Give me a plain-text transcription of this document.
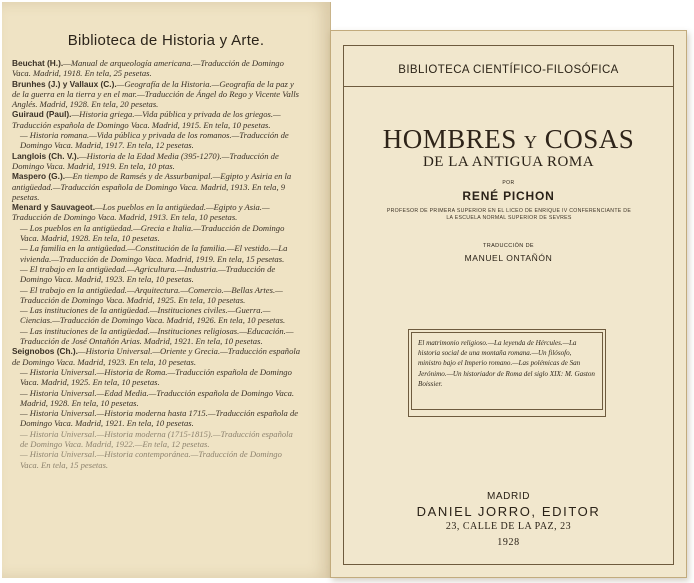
Biblioteca de Historia y Arte.

Beuchat (H.).—Manual de arqueología americana.—Traducción de Domingo Vaca. Madrid, 1918. En tela, 25 pesetas.

Brunhes (J.) y Vallaux (C.).—Geografía de la Historia.—Geografía de la paz y de la guerra en la tierra y en el mar.—Traducción de Ángel do Rego y Vicente Valls Anglés. Madrid, 1928. En tela, 20 pesetas.

Guiraud (Paul).—Historia griega.—Vida pública y privada de los griegos.—Traducción española de Domingo Vaca. Madrid, 1915. En tela, 10 pesetas.

— Historia romana.—Vida pública y privada de los romanos.—Traducción de Domingo Vaca. Madrid, 1917. En tela, 12 pesetas.

Langlois (Ch. V.).—Historia de la Edad Media (395-1270).—Traducción de Domingo Vaca. Madrid, 1919. En tela, 10 ptas.

Maspero (G.).—En tiempo de Ramsés y de Assurbanipal.—Egipto y Asiria en la antigüedad.—Traducción española de Domingo Vaca. Madrid, 1913. En tela, 9 pesetas.

Menard y Sauvageot.—Los pueblos en la antigüedad.—Egipto y Asia.—Traducción de Domingo Vaca. Madrid, 1913. En tela, 10 pesetas.

— Los pueblos en la antigüedad.—Grecia e Italia.—Traducción de Domingo Vaca. Madrid, 1928. En tela, 10 pesetas.

— La familia en la antigüedad.—Constitución de la familia.—El vestido.—La vivienda.—Traducción de Domingo Vaca. Madrid, 1919. En tela, 15 pesetas.

— El trabajo en la antigüedad.—Agricultura.—Industria.—Traducción de Domingo Vaca. Madrid, 1923. En tela, 10 pesetas.

— El trabajo en la antigüedad.—Arquitectura.—Comercio.—Bellas Artes.—Traducción de Domingo Vaca. Madrid, 1925. En tela, 10 pesetas.

— Las instituciones de la antigüedad.—Instituciones civiles.—Guerra.—Ciencias.—Traducción de Domingo Vaca. Madrid, 1926. En tela, 10 pesetas.

— Las instituciones de la antigüedad.—Instituciones religiosas.—Educación.—Traducción de José Ontañón Arias. Madrid, 1921. En tela, 10 pesetas.

Seignobos (Ch.).—Historia Universal.—Oriente y Grecia.—Traducción española de Domingo Vaca. Madrid, 1923. En tela, 10 pesetas.

— Historia Universal.—Historia de Roma.—Traducción española de Domingo Vaca. Madrid, 1925. En tela, 10 pesetas.

— Historia Universal.—Edad Media.—Traducción española de Domingo Vaca. Madrid, 1928. En tela, 10 pesetas.

— Historia Universal.—Historia moderna hasta 1715.—Traducción española de Domingo Vaca. Madrid, 1921. En tela, 10 pesetas.

— Historia Universal.—Historia moderna (1715-1815).—Traducción española de Domingo Vaca. Madrid, 1922.—En tela, 12 pesetas.

— Historia Universal.—Historia contemporánea.—Traducción de Domingo Vaca. En tela, 15 pesetas.

BIBLIOTECA CIENTÍFICO-FILOSÓFICA
HOMBRES Y COSAS
DE LA ANTIGUA ROMA
POR
RENÉ PICHON
PROFESOR DE PRIMERA SUPERIOR EN EL LICEO DE ENRIQUE IV CONFERENCIANTE DE LA ESCUELA NORMAL SUPERIOR DE SEVRES
TRADUCCIÓN DE
MANUEL ONTAÑÓN
El matrimonio religioso.—La leyenda de Hércules.—La historia social de una montaña romana.—Un filósofo, ministro bajo el Imperio romano.—Las polémicas de San Jerónimo.—Un historiador de Roma del siglo XIX: M. Gaston Boissier.
MADRID
DANIEL JORRO, EDITOR
23, CALLE DE LA PAZ, 23
1928
